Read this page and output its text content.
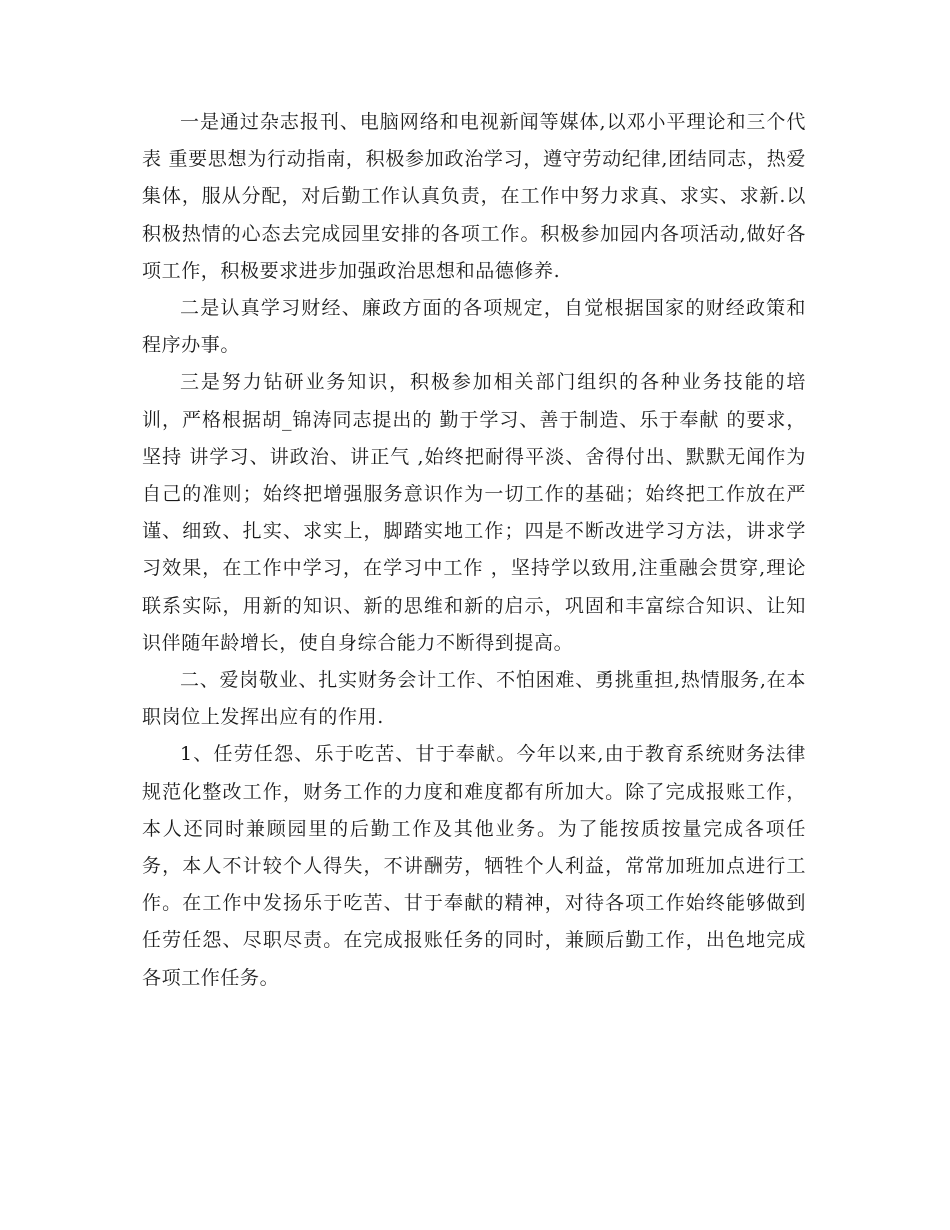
一是通过杂志报刊、电脑网络和电视新闻等媒体,以邓小平理论和三个代表 重要思想为行动指南，积极参加政治学习，遵守劳动纪律,团结同志，热爱集体，服从分配，对后勤工作认真负责，在工作中努力求真、求实、求新.以积极热情的心态去完成园里安排的各项工作。积极参加园内各项活动,做好各项工作，积极要求进步加强政治思想和品德修养.

二是认真学习财经、廉政方面的各项规定，自觉根据国家的财经政策和程序办事。

三是努力钻研业务知识，积极参加相关部门组织的各种业务技能的培训，严格根据胡_锦涛同志提出的 勤于学习、善于制造、乐于奉献 的要求，坚持 讲学习、讲政治、讲正气 ,始终把耐得平淡、舍得付出、默默无闻作为自己的准则；始终把增强服务意识作为一切工作的基础；始终把工作放在严谨、细致、扎实、求实上，脚踏实地工作；四是不断改进学习方法，讲求学习效果，在工作中学习，在学习中工作 ，坚持学以致用,注重融会贯穿,理论联系实际，用新的知识、新的思维和新的启示，巩固和丰富综合知识、让知识伴随年龄增长，使自身综合能力不断得到提高。

二、爱岗敬业、扎实财务会计工作、不怕困难、勇挑重担,热情服务,在本职岗位上发挥出应有的作用.

1、任劳任怨、乐于吃苦、甘于奉献。今年以来,由于教育系统财务法律规范化整改工作，财务工作的力度和难度都有所加大。除了完成报账工作，本人还同时兼顾园里的后勤工作及其他业务。为了能按质按量完成各项任务，本人不计较个人得失，不讲酬劳，牺牲个人利益，常常加班加点进行工作。在工作中发扬乐于吃苦、甘于奉献的精神，对待各项工作始终能够做到任劳任怨、尽职尽责。在完成报账任务的同时，兼顾后勤工作，出色地完成各项工作任务。
